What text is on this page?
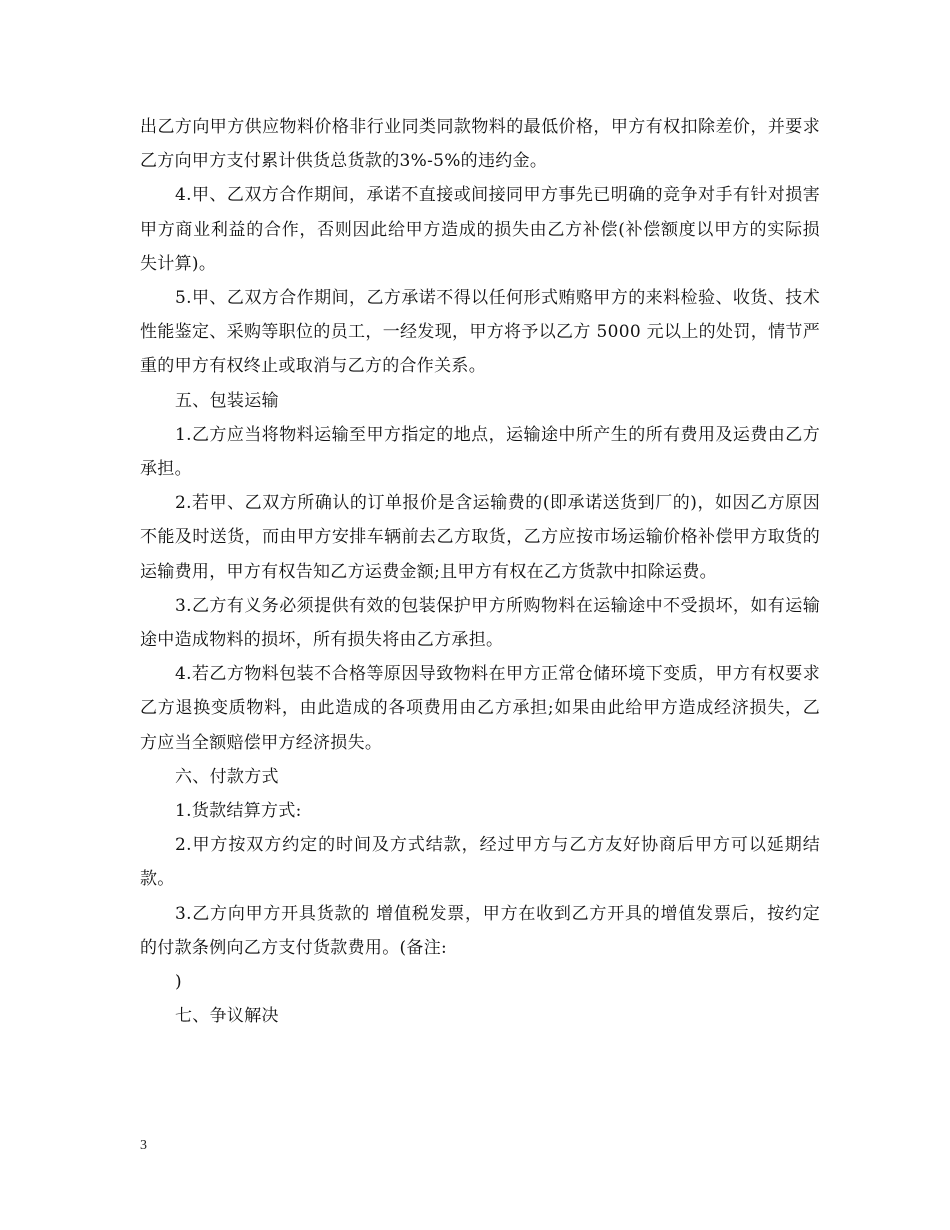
出乙方向甲方供应物料价格非行业同类同款物料的最低价格，甲方有权扣除差价，并要求乙方向甲方支付累计供货总货款的3%-5%的违约金。

4.甲、乙双方合作期间，承诺不直接或间接同甲方事先已明确的竞争对手有针对损害甲方商业利益的合作，否则因此给甲方造成的损失由乙方补偿(补偿额度以甲方的实际损失计算)。

5.甲、乙双方合作期间，乙方承诺不得以任何形式贿赂甲方的来料检验、收货、技术性能鉴定、采购等职位的员工，一经发现，甲方将予以乙方 5000 元以上的处罚，情节严重的甲方有权终止或取消与乙方的合作关系。

五、包装运输

1.乙方应当将物料运输至甲方指定的地点，运输途中所产生的所有费用及运费由乙方承担。

2.若甲、乙双方所确认的订单报价是含运输费的(即承诺送货到厂的)，如因乙方原因不能及时送货，而由甲方安排车辆前去乙方取货，乙方应按市场运输价格补偿甲方取货的运输费用，甲方有权告知乙方运费金额;且甲方有权在乙方货款中扣除运费。

3.乙方有义务必须提供有效的包装保护甲方所购物料在运输途中不受损坏，如有运输途中造成物料的损坏，所有损失将由乙方承担。

4.若乙方物料包装不合格等原因导致物料在甲方正常仓储环境下变质，甲方有权要求乙方退换变质物料，由此造成的各项费用由乙方承担;如果由此给甲方造成经济损失，乙方应当全额赔偿甲方经济损失。

六、付款方式

1.货款结算方式:

2.甲方按双方约定的时间及方式结款，经过甲方与乙方友好协商后甲方可以延期结款。

3.乙方向甲方开具货款的 增值税发票，甲方在收到乙方开具的增值发票后，按约定的付款条例向乙方支付货款费用。(备注:

)

七、争议解决

3
